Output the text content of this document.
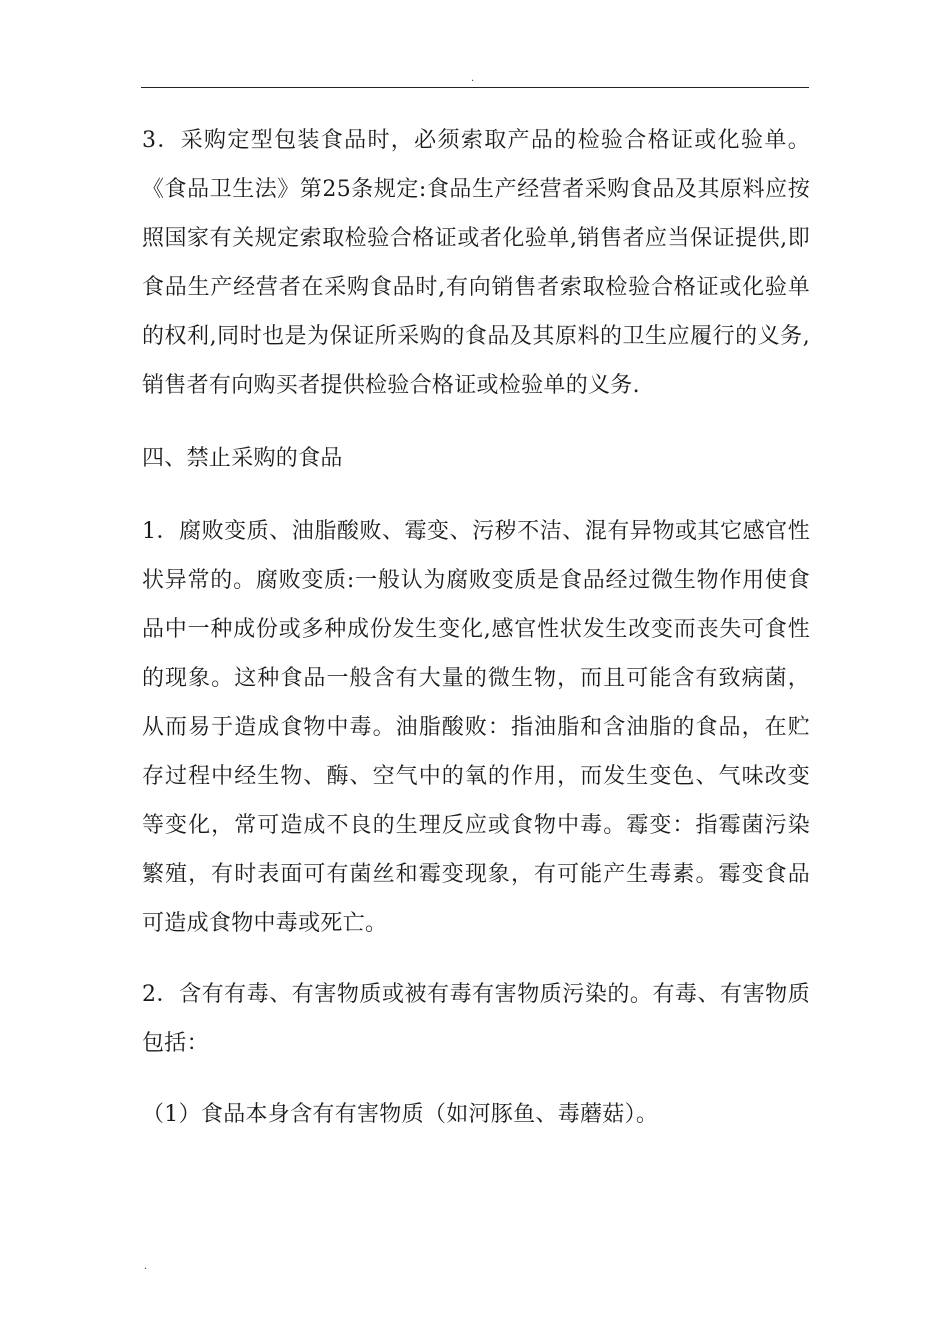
.

3．采购定型包装食品时，必须索取产品的检验合格证或化验单。《食品卫生法》第25条规定:食品生产经营者采购食品及其原料应按照国家有关规定索取检验合格证或者化验单,销售者应当保证提供,即食品生产经营者在采购食品时,有向销售者索取检验合格证或化验单的权利,同时也是为保证所采购的食品及其原料的卫生应履行的义务,销售者有向购买者提供检验合格证或检验单的义务.

四、禁止采购的食品

1．腐败变质、油脂酸败、霉变、污秽不洁、混有异物或其它感官性状异常的。腐败变质:一般认为腐败变质是食品经过微生物作用使食品中一种成份或多种成份发生变化,感官性状发生改变而丧失可食性的现象。这种食品一般含有大量的微生物，而且可能含有致病菌，从而易于造成食物中毒。油脂酸败：指油脂和含油脂的食品，在贮存过程中经生物、酶、空气中的氧的作用，而发生变色、气味改变等变化，常可造成不良的生理反应或食物中毒。霉变：指霉菌污染繁殖，有时表面可有菌丝和霉变现象，有可能产生毒素。霉变食品可造成食物中毒或死亡。

2．含有有毒、有害物质或被有毒有害物质污染的。有毒、有害物质包括：

（1）食品本身含有有害物质（如河豚鱼、毒蘑菇）。

.
